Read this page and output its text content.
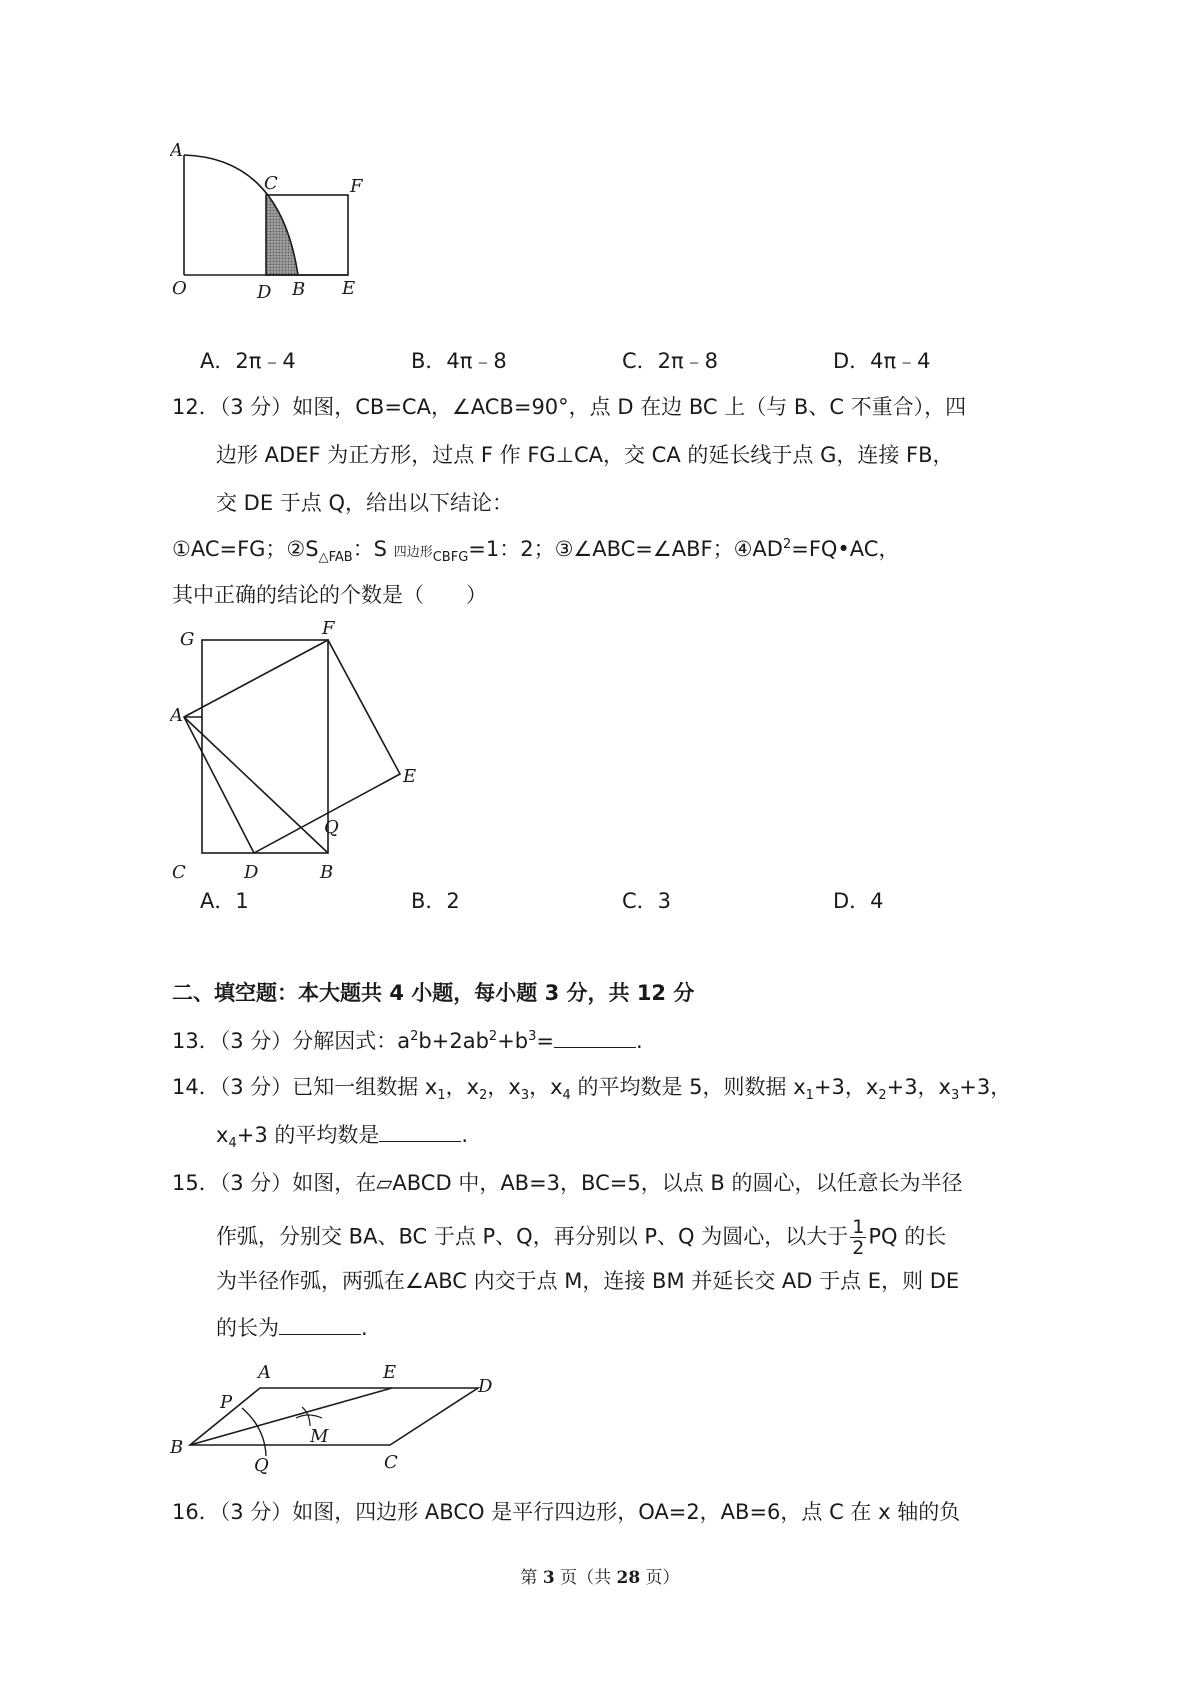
A
C	F
O	D B E
A．2π﹣4	B．4π﹣8	C．2π﹣8	D．4π﹣4
12．（3 分）如图，CB=CA，∠ACB=90°，点 D 在边 BC 上（与 B、C 不重合），四
边形 ADEF 为正方形，过点 F 作 FG⊥CA，交 CA 的延长线于点 G，连接 FB，
交 DE 于点 Q，给出以下结论：
①AC=FG；$②S_{\triangle FAB}$：S 四边形$_{CBFG}$=1：2；③∠ABC=∠ABF；$④AD^2=FQ•AC$，
其中正确的结论的个数是（　　）
G
F
A
E
Q
C	D	B
A．1	B．2	C．3	D．4
二、填空题：本大题共 4 小题，每小题 3 分，共 12 分
13．（3 分）分解因式：$a^2b+2ab^2+b^3=$	.
14．（3 分）已知一组数据 $x_1$，$x_2$，$x_3$，$x_4$ 的平均数是 5，则数据 $x_1+3$，$x_2+3$，$x_3+3$，
$x_4+3$ 的平均数是	.
15．（3 分）如图，在▱ABCD 中，AB=3，BC=5，以点 B 的圆心，以任意长为半径
作弧，分别交 BA、BC 于点 P、Q，再分别以 P、Q 为圆心，以大于 $\frac{1}{2}$ PQ 的长
为半径作弧，两弧在∠ABC 内交于点 M，连接 BM 并延长交 AD 于点 E，则 DE
的长为	.
A	E
D
P
M
B
Q	C
16．（3 分）如图，四边形 ABCO 是平行四边形，OA=2，AB=6，点 C 在 x 轴的负
第 3 页（共 28 页）
